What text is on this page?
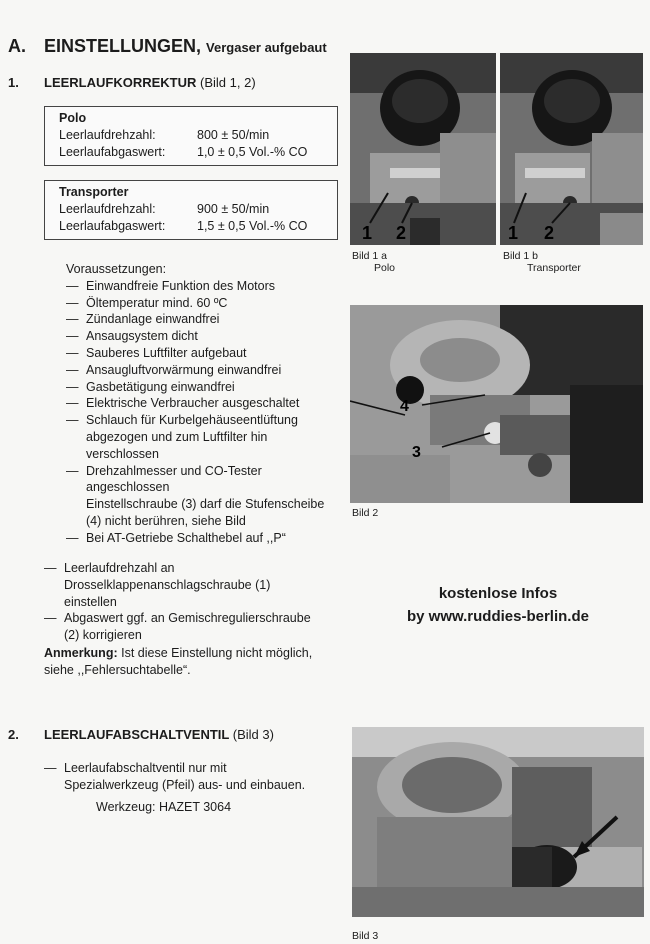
A. EINSTELLUNGEN, Vergaser aufgebaut
1. LEERLAUFKORREKTUR (Bild 1, 2)
Polo
Leerlaufdrehzahl:	800 ± 50/min
Leerlaufabgaswert:	1,0 ± 0,5 Vol.-% CO
Transporter
Leerlaufdrehzahl:	900 ± 50/min
Leerlaufabgaswert:	1,5 ± 0,5 Vol.-% CO
Voraussetzungen:
— Einwandfreie Funktion des Motors
— Öltemperatur mind. 60 ºC
— Zündanlage einwandfrei
— Ansaugsystem dicht
— Sauberes Luftfilter aufgebaut
— Ansaugluftvorwärmung einwandfrei
— Gasbetätigung einwandfrei
— Elektrische Verbraucher ausgeschaltet
— Schlauch für Kurbelgehäuseentlüftung abgezogen und zum Luftfilter hin verschlossen
— Drehzahlmesser und CO-Tester angeschlossen
Einstellschraube (3) darf die Stufenscheibe (4) nicht berühren, siehe Bild
— Bei AT-Getriebe Schalthebel auf ,,P“
— Leerlaufdrehzahl an Drosselklappenanschlagschraube (1) einstellen
— Abgaswert ggf. an Gemischregulierschraube (2) korrigieren
Anmerkung: Ist diese Einstellung nicht möglich, siehe ,,Fehlersuchtabelle“.
2. LEERLAUFABSCHALTVENTIL (Bild 3)
— Leerlaufabschaltventil nur mit Spezialwerkzeug (Pfeil) aus- und einbauen.
Werkzeug: HAZET 3064
kostenlose Infos
by www.ruddies-berlin.de
1 2
Bild 1 a
Polo
1 2
Bild 1 b
Transporter
4
3
Bild 2
Bild 3
